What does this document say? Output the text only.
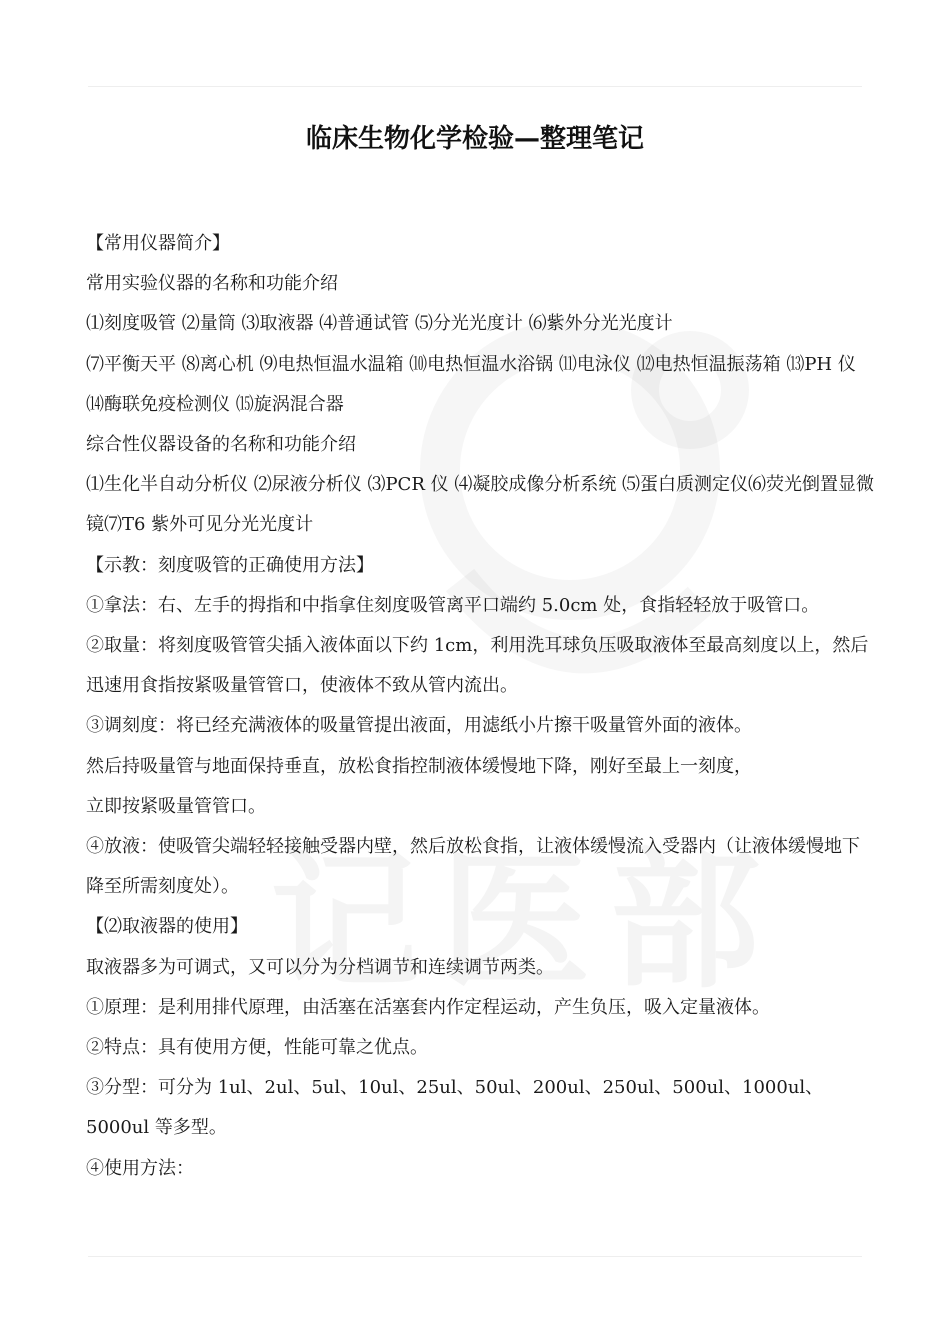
临床生物化学检验—整理笔记

【常用仪器简介】

常用实验仪器的名称和功能介绍

⑴刻度吸管 ⑵量筒 ⑶取液器 ⑷普通试管 ⑸分光光度计 ⑹紫外分光光度计

⑺平衡天平 ⑻离心机 ⑼电热恒温水温箱 ⑽电热恒温水浴锅 ⑾电泳仪 ⑿电热恒温振荡箱 ⒀PH 仪 ⒁酶联免疫检测仪 ⒂旋涡混合器

综合性仪器设备的名称和功能介绍

⑴生化半自动分析仪 ⑵尿液分析仪 ⑶PCR 仪 ⑷凝胶成像分析系统 ⑸蛋白质测定仪⑹荧光倒置显微镜⑺T6 紫外可见分光光度计

【示教：刻度吸管的正确使用方法】

①拿法：右、左手的拇指和中指拿住刻度吸管离平口端约 5.0cm 处，食指轻轻放于吸管口。

②取量：将刻度吸管管尖插入液体面以下约 1cm，利用洗耳球负压吸取液体至最高刻度以上，然后迅速用食指按紧吸量管管口，使液体不致从管内流出。

③调刻度：将已经充满液体的吸量管提出液面，用滤纸小片擦干吸量管外面的液体。

然后持吸量管与地面保持垂直，放松食指控制液体缓慢地下降，刚好至最上一刻度，

立即按紧吸量管管口。

④放液：使吸管尖端轻轻接触受器内壁，然后放松食指，让液体缓慢流入受器内（让液体缓慢地下降至所需刻度处）。

【⑵取液器的使用】

取液器多为可调式，又可以分为分档调节和连续调节两类。

①原理：是利用排代原理，由活塞在活塞套内作定程运动，产生负压，吸入定量液体。

②特点：具有使用方便，性能可靠之优点。

③分型：可分为 1ul、2ul、5ul、10ul、25ul、50ul、200ul、250ul、500ul、1000ul、5000ul 等多型。

④使用方法：
